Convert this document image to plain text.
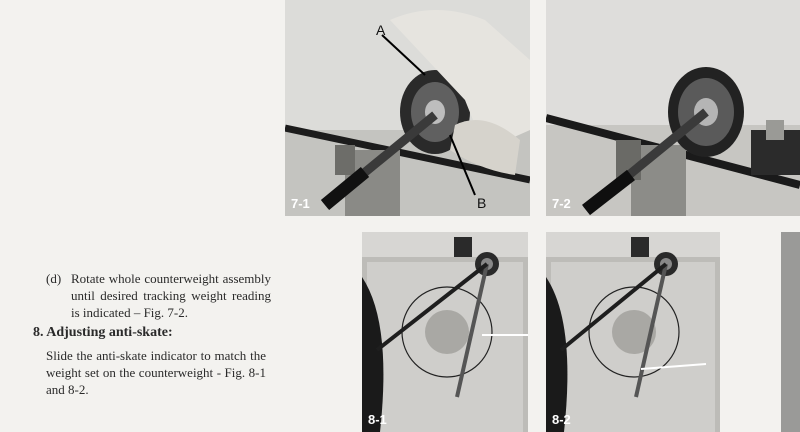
(d) Rotate whole counterweight assembly until desired tracking weight reading is indicated – Fig. 7-2.
8. Adjusting anti-skate:
Slide the anti-skate indicator to match the weight set on the counterweight - Fig. 8-1 and 8-2.
A
B
7-1	7-2
8-1	8-2
